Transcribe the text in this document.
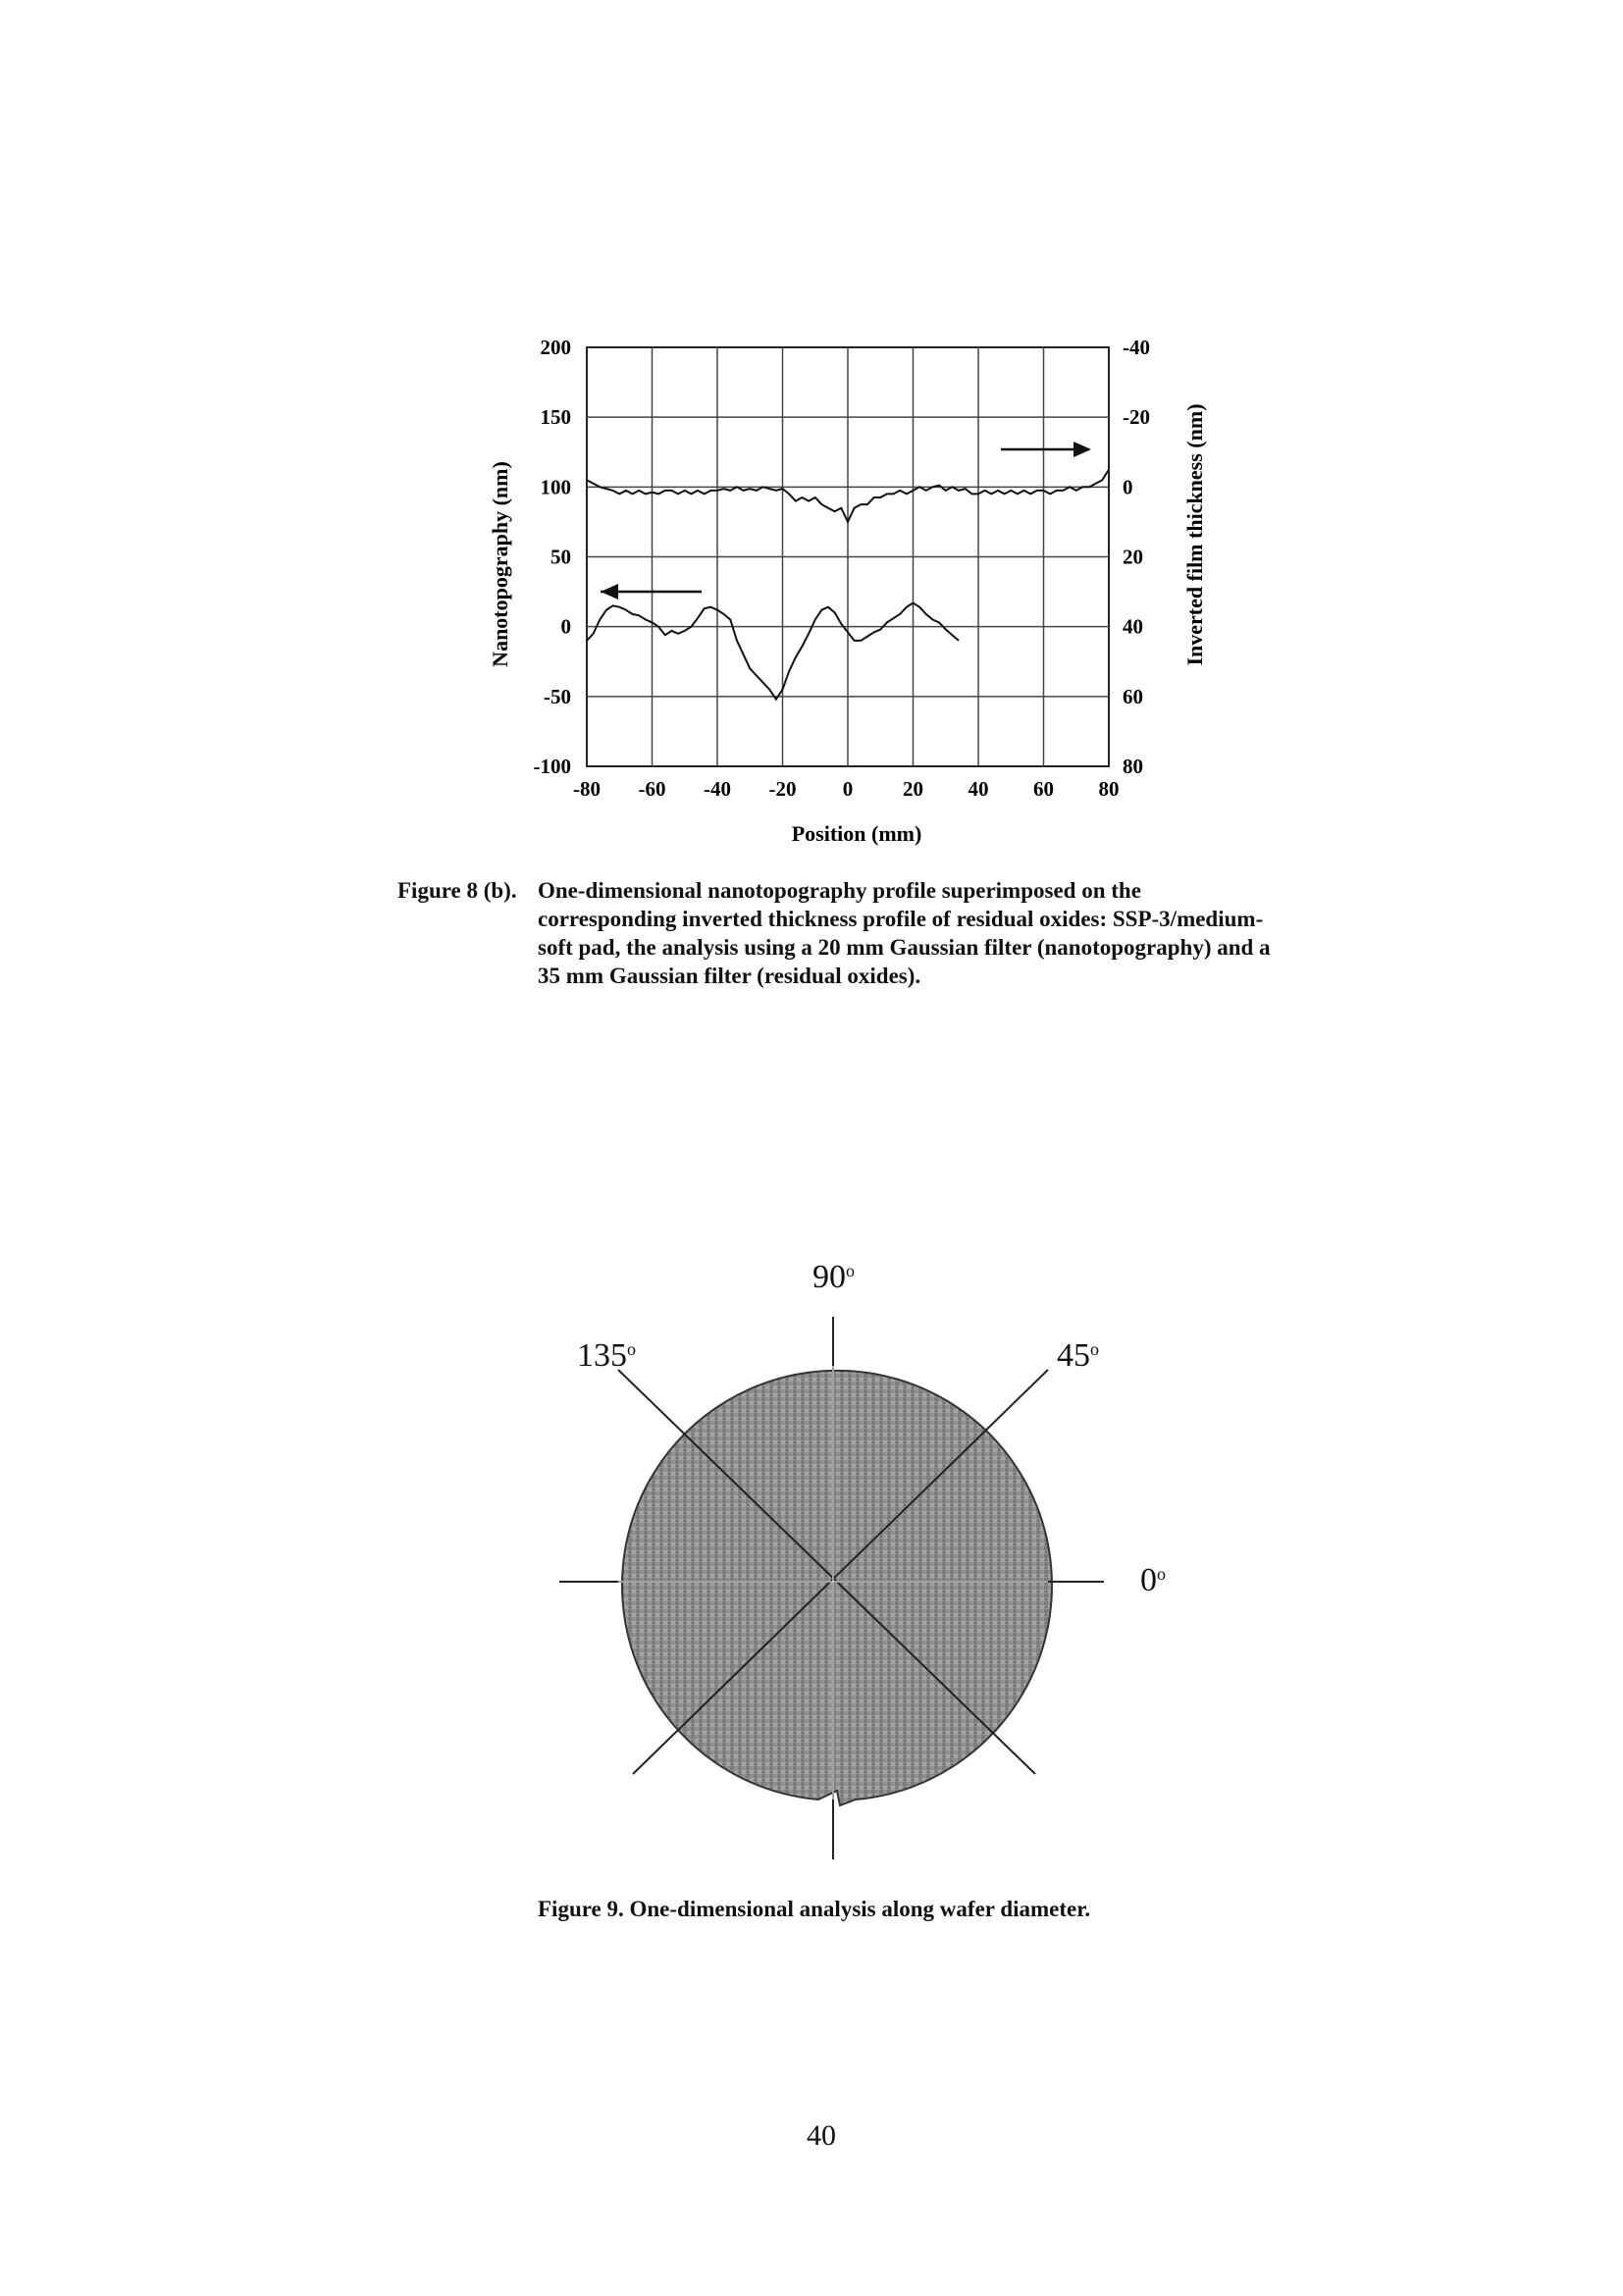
-80 -60 -40 -20 0 20 40 60 80
200
150
100
50
0
-50
-100
-40
-20
0
20
40
60
80
Position (mm)
Nanotopography (nm)	Inverted film thickness (nm)
Figure 8 (b). One-dimensional nanotopography profile superimposed on the corresponding inverted thickness profile of residual oxides: SSP-3/medium-soft pad, the analysis using a 20 mm Gaussian filter (nanotopography) and a 35 mm Gaussian filter (residual oxides).
90$^o$
135$^o$	45$^o$
0$^o$
Figure 9. One-dimensional analysis along wafer diameter.
40
